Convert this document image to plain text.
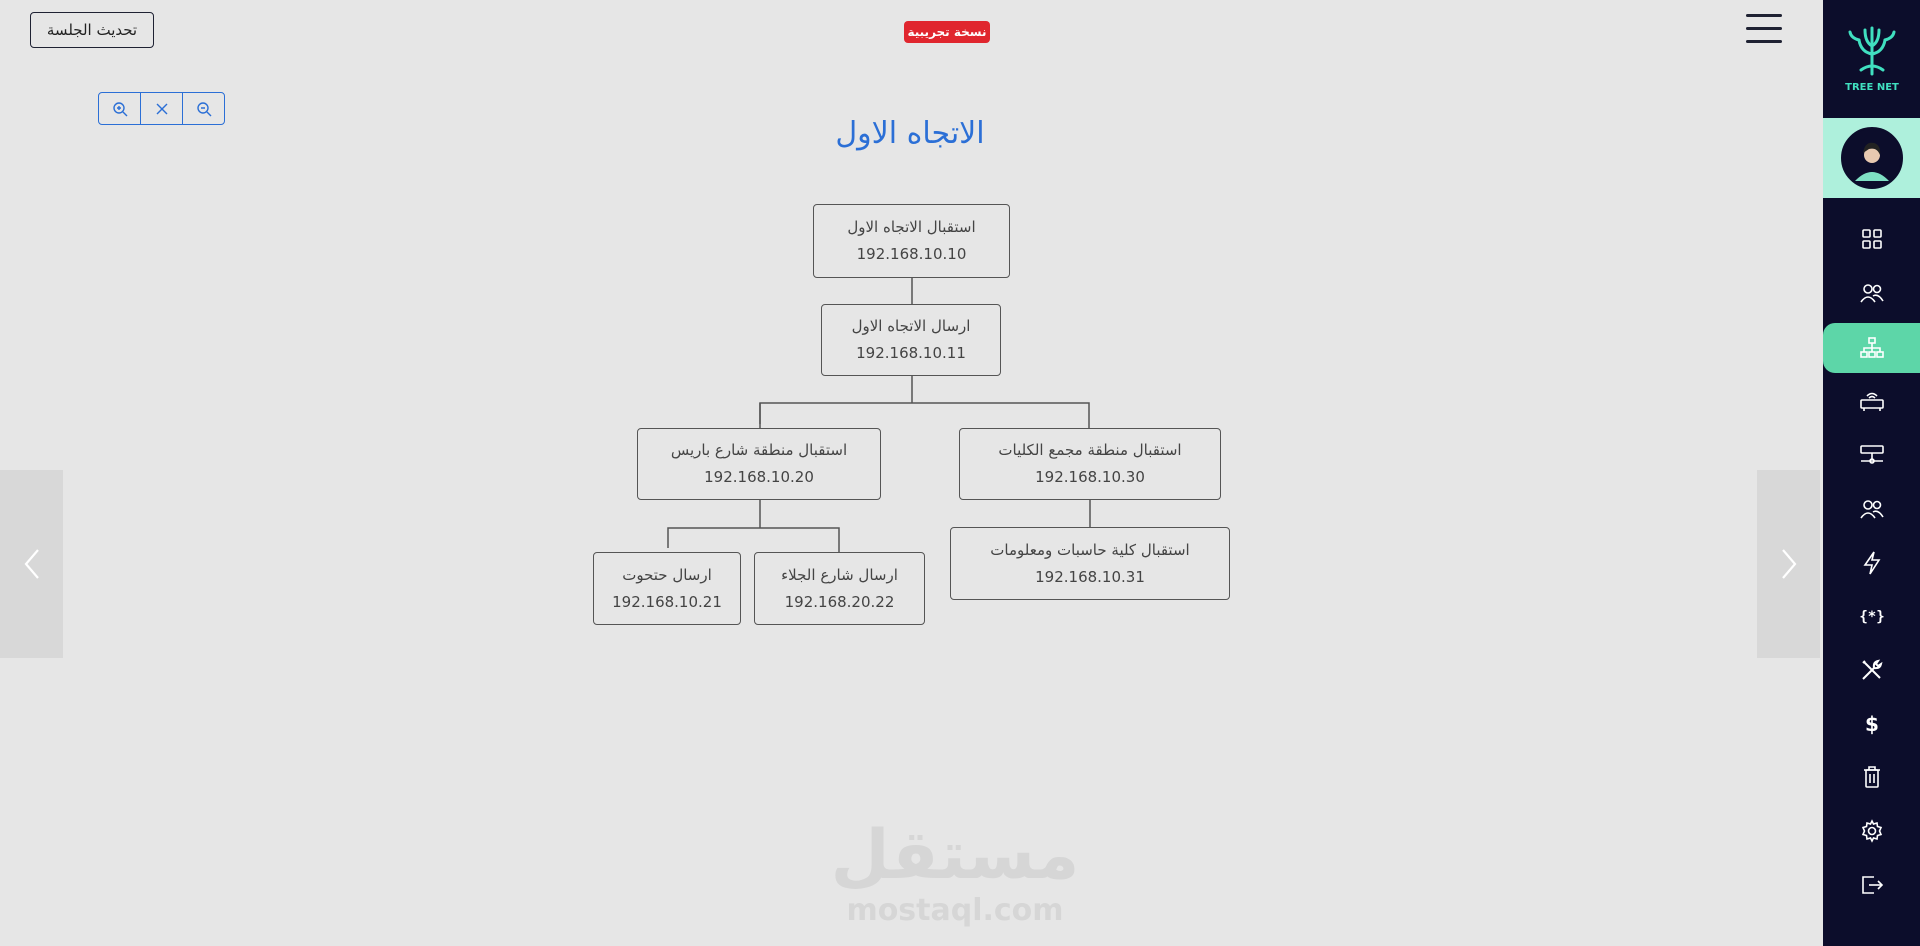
تحديث الجلسة	نسخة تجريبية
الاتجاه الاول
استقبال الاتجاه الاول
192.168.10.10
ارسال الاتجاه الاول
192.168.10.11
استقبال منطقة شارع باريس
192.168.10.20
استقبال منطقة مجمع الكليات
192.168.10.30
ارسال حتحوت
192.168.10.21
ارسال شارع الجلاء
192.168.20.22
استقبال كلية حاسبات ومعلومات
192.168.10.31
مستقل
mostaql.com
TREE NET
{*}
$
